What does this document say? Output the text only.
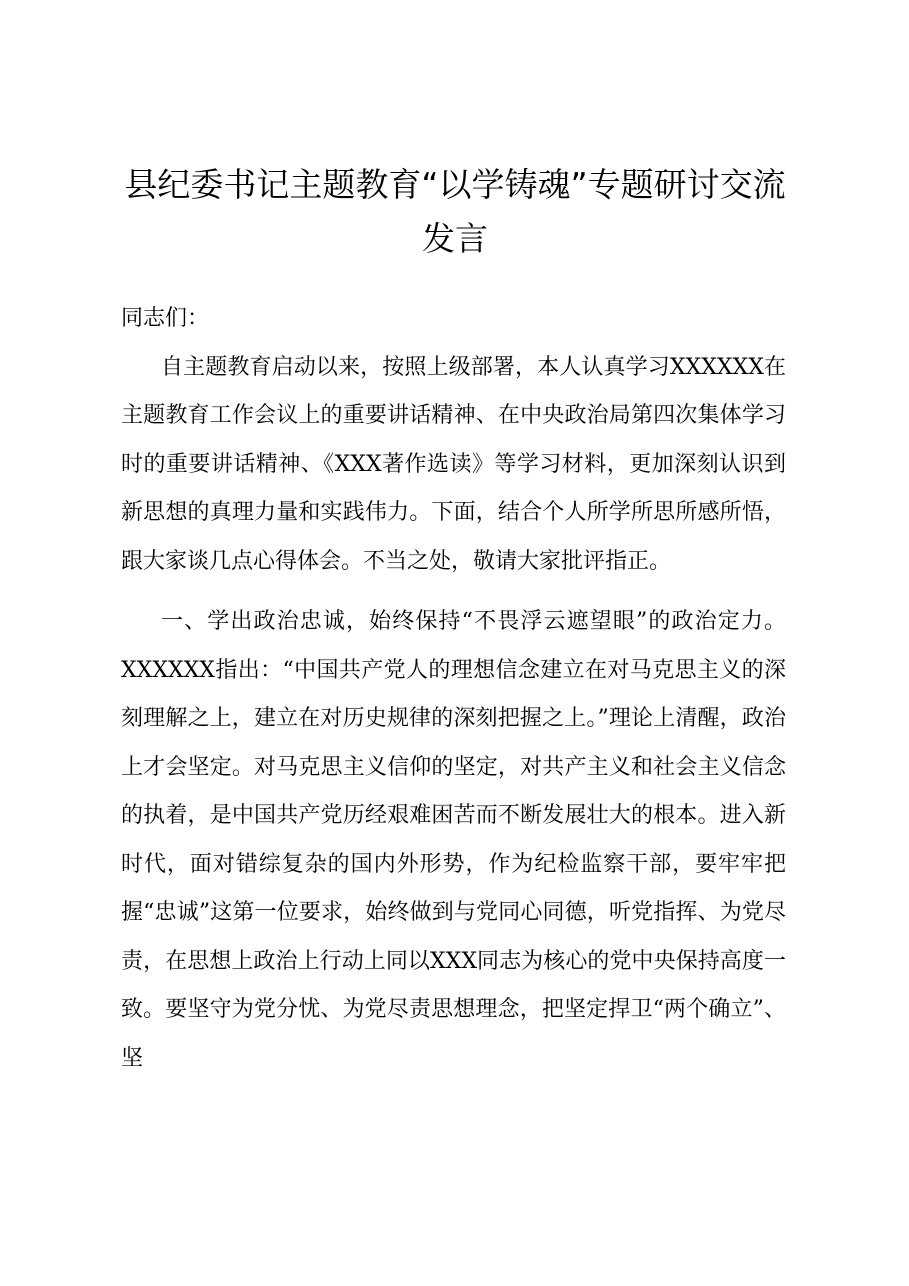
县纪委书记主题教育“以学铸魂”专题研讨交流发言

同志们：

自主题教育启动以来，按照上级部署，本人认真学习XXXXXX在主题教育工作会议上的重要讲话精神、在中央政治局第四次集体学习时的重要讲话精神、《XXX著作选读》等学习材料，更加深刻认识到新思想的真理力量和实践伟力。下面，结合个人所学所思所感所悟，跟大家谈几点心得体会。不当之处，敬请大家批评指正。

一、学出政治忠诚，始终保持“不畏浮云遮望眼”的政治定力。XXXXXX指出：“中国共产党人的理想信念建立在对马克思主义的深刻理解之上，建立在对历史规律的深刻把握之上。”理论上清醒，政治上才会坚定。对马克思主义信仰的坚定，对共产主义和社会主义信念的执着，是中国共产党历经艰难困苦而不断发展壮大的根本。进入新时代，面对错综复杂的国内外形势，作为纪检监察干部，要牢牢把握“忠诚”这第一位要求，始终做到与党同心同德，听党指挥、为党尽责，在思想上政治上行动上同以XXX同志为核心的党中央保持高度一致。要坚守为党分忧、为党尽责思想理念，把坚定捍卫“两个确立”、坚
